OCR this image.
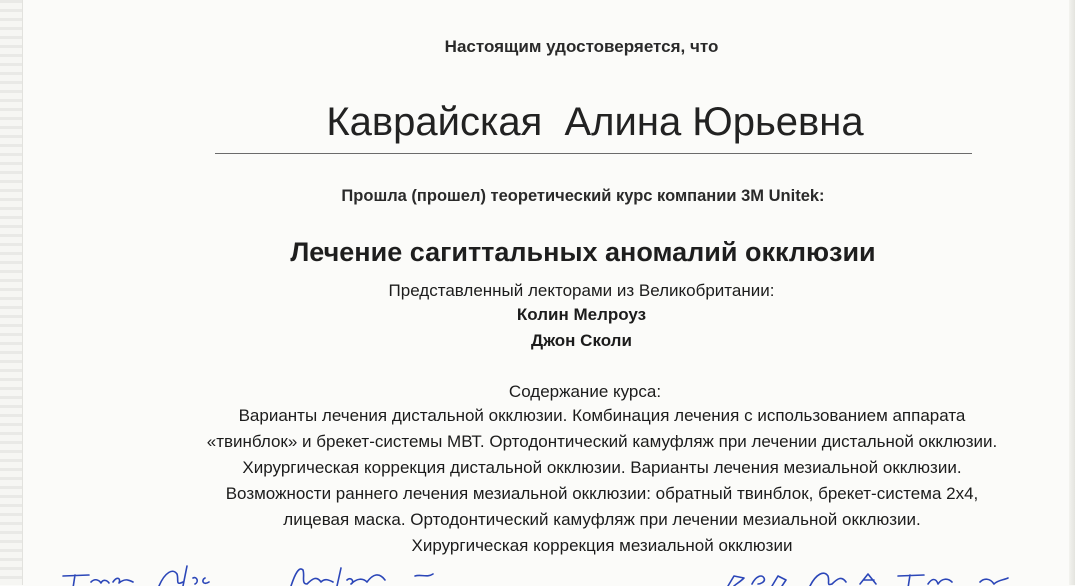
Настоящим удостоверяется, что
Каврайская  Алина Юрьевна
Прошла (прошел) теоретический курс компании 3М Unitek:
Лечение сагиттальных аномалий окклюзии
Представленный лекторами из Великобритании:
Колин Мелроуз
Джон Сколи
Содержание курса:
Варианты лечения дистальной окклюзии. Комбинация лечения с использованием аппарата
«твинблок» и брекет-системы МВТ. Ортодонтический камуфляж при лечении дистальной окклюзии.
Хирургическая коррекция дистальной окклюзии. Варианты лечения мезиальной окклюзии.
Возможности раннего лечения мезиальной окклюзии: обратный твинблок, брекет-система 2х4,
лицевая маска. Ортодонтический камуфляж при лечении мезиальной окклюзии.
Хирургическая коррекция мезиальной окклюзии
